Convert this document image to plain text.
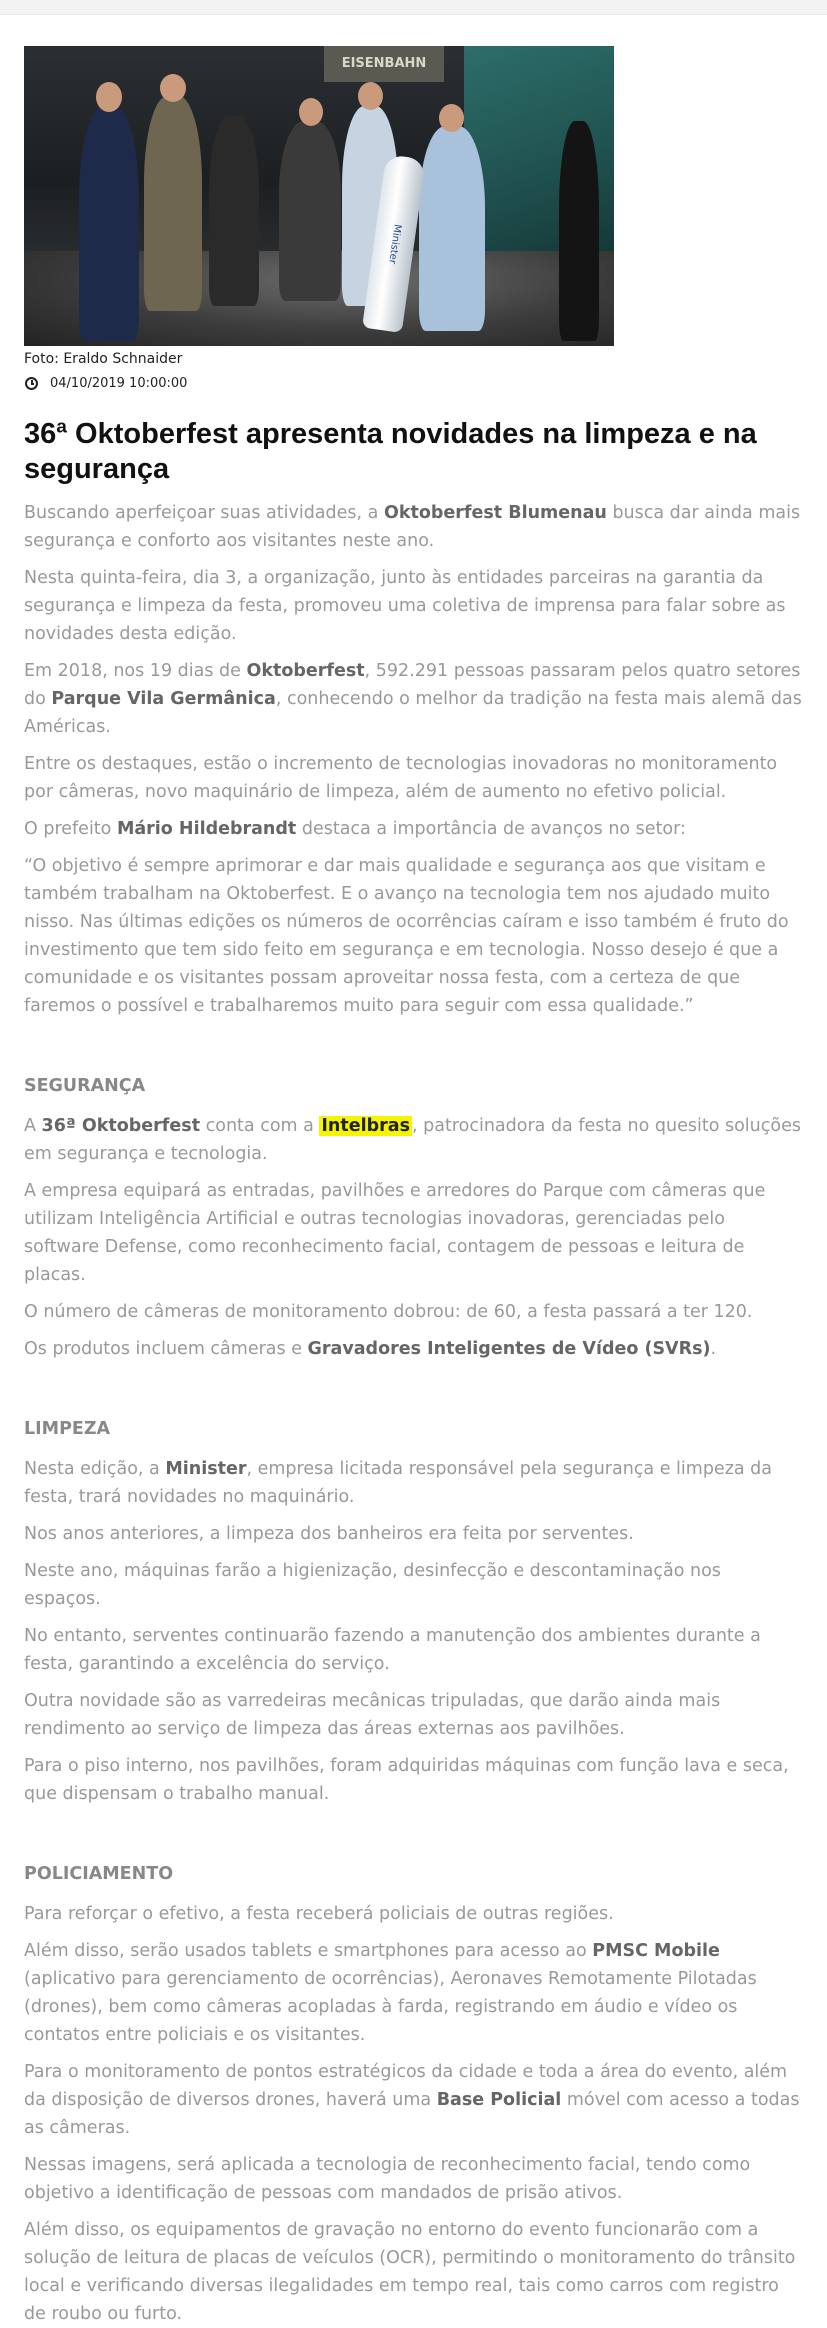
EISENBAHN
Minister
Foto: Eraldo Schnaider
04/10/2019 10:00:00
36ª Oktoberfest apresenta novidades na limpeza e na segurança

Buscando aperfeiçoar suas atividades, a Oktoberfest Blumenau busca dar ainda mais segurança e conforto aos visitantes neste ano.

Nesta quinta-feira, dia 3, a organização, junto às entidades parceiras na garantia da segurança e limpeza da festa, promoveu uma coletiva de imprensa para falar sobre as novidades desta edição.

Em 2018, nos 19 dias de Oktoberfest, 592.291 pessoas passaram pelos quatro setores do Parque Vila Germânica, conhecendo o melhor da tradição na festa mais alemã das Américas.

Entre os destaques, estão o incremento de tecnologias inovadoras no monitoramento por câmeras, novo maquinário de limpeza, além de aumento no efetivo policial.

O prefeito Mário Hildebrandt destaca a importância de avanços no setor:

“O objetivo é sempre aprimorar e dar mais qualidade e segurança aos que visitam e também trabalham na Oktoberfest. E o avanço na tecnologia tem nos ajudado muito nisso. Nas últimas edições os números de ocorrências caíram e isso também é fruto do investimento que tem sido feito em segurança e em tecnologia. Nosso desejo é que a comunidade e os visitantes possam aproveitar nossa festa, com a certeza de que faremos o possível e trabalharemos muito para seguir com essa qualidade.”

SEGURANÇA

A 36ª Oktoberfest conta com a Intelbras , patrocinadora da festa no quesito soluções em segurança e tecnologia.

A empresa equipará as entradas, pavilhões e arredores do Parque com câmeras que utilizam Inteligência Artificial e outras tecnologias inovadoras, gerenciadas pelo software Defense, como reconhecimento facial, contagem de pessoas e leitura de placas.

O número de câmeras de monitoramento dobrou: de 60, a festa passará a ter 120.

Os produtos incluem câmeras e Gravadores Inteligentes de Vídeo (SVRs).

LIMPEZA

Nesta edição, a Minister, empresa licitada responsável pela segurança e limpeza da festa, trará novidades no maquinário.

Nos anos anteriores, a limpeza dos banheiros era feita por serventes.

Neste ano, máquinas farão a higienização, desinfecção e descontaminação nos espaços.

No entanto, serventes continuarão fazendo a manutenção dos ambientes durante a festa, garantindo a excelência do serviço.

Outra novidade são as varredeiras mecânicas tripuladas, que darão ainda mais rendimento ao serviço de limpeza das áreas externas aos pavilhões.

Para o piso interno, nos pavilhões, foram adquiridas máquinas com função lava e seca, que dispensam o trabalho manual.

POLICIAMENTO

Para reforçar o efetivo, a festa receberá policiais de outras regiões.

Além disso, serão usados tablets e smartphones para acesso ao PMSC Mobile (aplicativo para gerenciamento de ocorrências), Aeronaves Remotamente Pilotadas (drones), bem como câmeras acopladas à farda, registrando em áudio e vídeo os contatos entre policiais e os visitantes.

Para o monitoramento de pontos estratégicos da cidade e toda a área do evento, além da disposição de diversos drones, haverá uma Base Policial móvel com acesso a todas as câmeras.

Nessas imagens, será aplicada a tecnologia de reconhecimento facial, tendo como objetivo a identificação de pessoas com mandados de prisão ativos.

Além disso, os equipamentos de gravação no entorno do evento funcionarão com a solução de leitura de placas de veículos (OCR), permitindo o monitoramento do trânsito local e verificando diversas ilegalidades em tempo real, tais como carros com registro de roubo ou furto.
